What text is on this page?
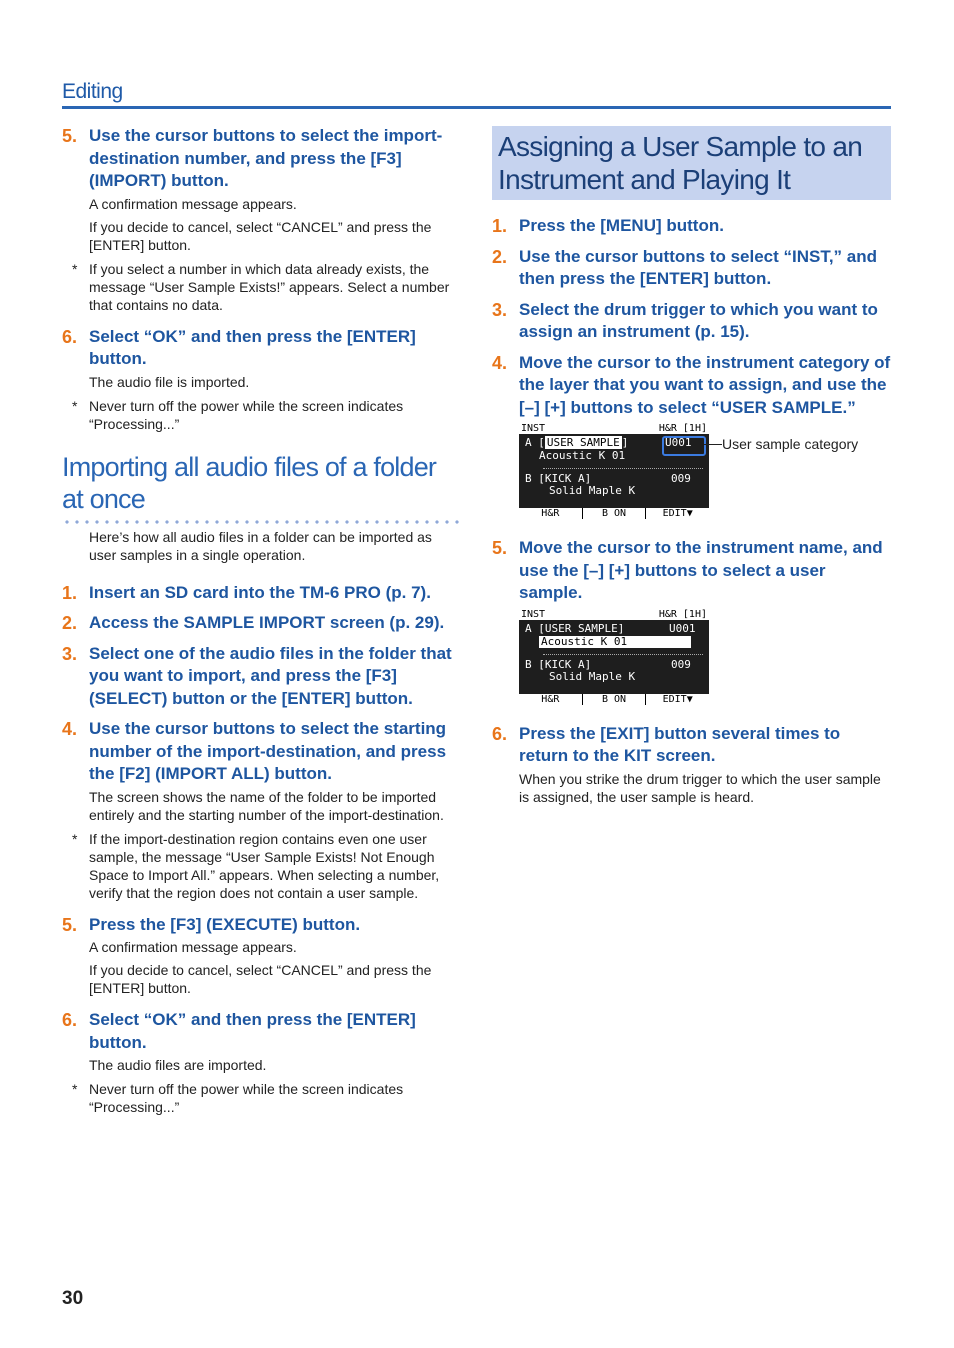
Editing

5. Use the cursor buttons to select the import-destination number, and press the [F3] (IMPORT) button.

A confirmation message appears.
If you decide to cancel, select “CANCEL” and press the [ENTER] button.
* If you select a number in which data already exists, the message “User Sample Exists!” appears. Select a number that contains no data.

6. Select “OK” and then press the [ENTER] button.

The audio file is imported.
* Never turn off the power while the screen indicates “Processing...”
Importing all audio files of a folder at once
Here’s how all audio files in a folder can be imported as user samples in a single operation.

1. Insert an SD card into the TM-6 PRO (p. 7).

2. Access the SAMPLE IMPORT screen (p. 29).

3. Select one of the audio files in the folder that you want to import, and press the [F3] (SELECT) button or the [ENTER] button.

4. Use the cursor buttons to select the starting number of the import-destination, and press the [F2] (IMPORT ALL) button.

The screen shows the name of the folder to be imported entirely and the starting number of the import-destination.
* If the import-destination region contains even one user sample, the message “User Sample Exists! Not Enough Space to Import All.” appears. When selecting a number, verify that the region does not contain a user sample.

5. Press the [F3] (EXECUTE) button.

A confirmation message appears.
If you decide to cancel, select “CANCEL” and press the [ENTER] button.

6. Select “OK” and then press the [ENTER] button.

The audio files are imported.
* Never turn off the power while the screen indicates “Processing...”
Assigning a User Sample to an Instrument and Playing It

1. Press the [MENU] button.

2. Use the cursor buttons to select “INST,” and then press the [ENTER] button.

3. Select the drum trigger to which you want to assign an instrument (p. 15).

4. Move the cursor to the instrument category of the layer that you want to assign, and use the [–] [+] buttons to select “USER SAMPLE.”

INST	H&R [1H]
A [ USER SAMPLE ]	U001
Acoustic K 01
B [KICK A]	009
Solid Maple K
H&R	B ON	EDIT▼
User sample category

5. Move the cursor to the instrument name, and use the [–] [+] buttons to select a user sample.

INST	H&R [1H]
A [USER SAMPLE]	U001
Acoustic K 01
B [KICK A]	009
Solid Maple K
H&R	B ON	EDIT▼

6. Press the [EXIT] button several times to return to the KIT screen.

When you strike the drum trigger to which the user sample is assigned, the user sample is heard.
30
